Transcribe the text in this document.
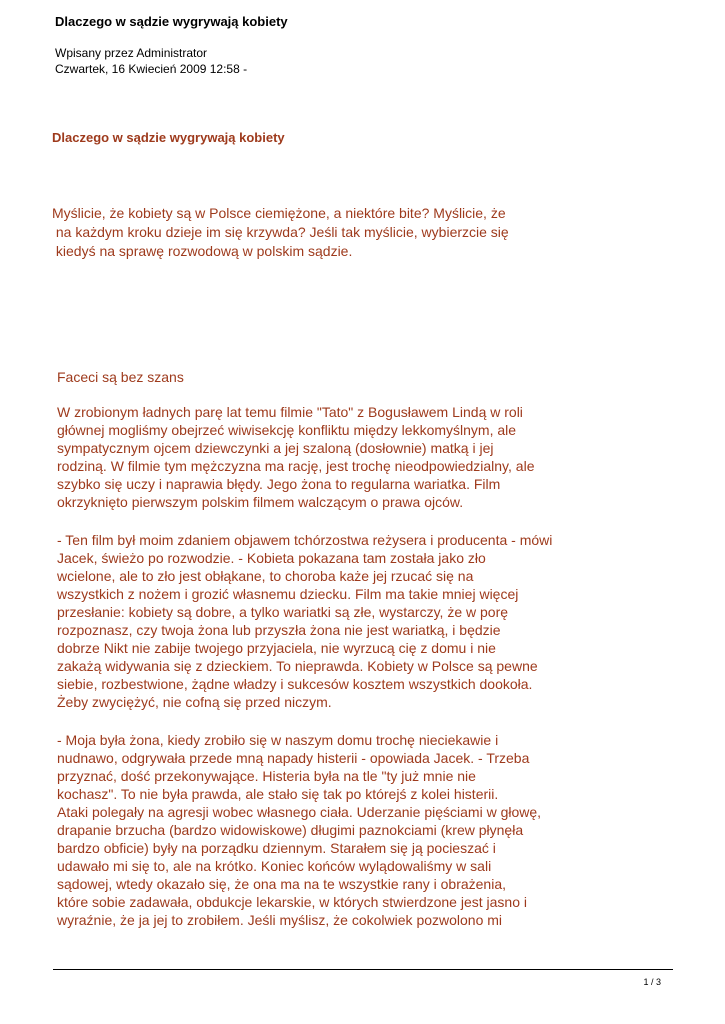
Dlaczego w sądzie wygrywają kobiety
Wpisany przez Administrator
Czwartek, 16 Kwiecień 2009 12:58 -
Dlaczego w sądzie wygrywają kobiety
Myślicie, że kobiety są w Polsce ciemiężone, a niektóre bite? Myślicie, że
na każdym kroku dzieje im się krzywda? Jeśli tak myślicie, wybierzcie się
kiedyś na sprawę rozwodową w polskim sądzie.
Faceci są bez szans
W zrobionym ładnych parę lat temu filmie "Tato" z Bogusławem Lindą w roli
głównej mogliśmy obejrzeć wiwisekcję konfliktu między lekkomyślnym, ale
sympatycznym ojcem dziewczynki a jej szaloną (dosłownie) matką i jej
rodziną. W filmie tym mężczyzna ma rację, jest trochę nieodpowiedzialny, ale
szybko się uczy i naprawia błędy. Jego żona to regularna wariatka. Film
okrzyknięto pierwszym polskim filmem walczącym o prawa ojców.
- Ten film był moim zdaniem objawem tchórzostwa reżysera i producenta - mówi
Jacek, świeżo po rozwodzie. - Kobieta pokazana tam została jako zło
wcielone, ale to zło jest obłąkane, to choroba każe jej rzucać się na
wszystkich z nożem i grozić własnemu dziecku. Film ma takie mniej więcej
przesłanie: kobiety są dobre, a tylko wariatki są złe, wystarczy, że w porę
rozpoznasz, czy twoja żona lub przyszła żona nie jest wariatką, i będzie
dobrze Nikt nie zabije twojego przyjaciela, nie wyrzucą cię z domu i nie
zakażą widywania się z dzieckiem. To nieprawda. Kobiety w Polsce są pewne
siebie, rozbestwione, żądne władzy i sukcesów kosztem wszystkich dookoła.
Żeby zwyciężyć, nie cofną się przed niczym.
- Moja była żona, kiedy zrobiło się w naszym domu trochę nieciekawie i
nudnawo, odgrywała przede mną napady histerii - opowiada Jacek. - Trzeba
przyznać, dość przekonywające. Histeria była na tle "ty już mnie nie
kochasz". To nie była prawda, ale stało się tak po którejś z kolei histerii.
Ataki polegały na agresji wobec własnego ciała. Uderzanie pięściami w głowę,
drapanie brzucha (bardzo widowiskowe) długimi paznokciami (krew płynęła
bardzo obficie) były na porządku dziennym. Starałem się ją pocieszać i
udawało mi się to, ale na krótko. Koniec końców wylądowaliśmy w sali
sądowej, wtedy okazało się, że ona ma na te wszystkie rany i obrażenia,
które sobie zadawała, obdukcje lekarskie, w których stwierdzone jest jasno i
wyraźnie, że ja jej to zrobiłem. Jeśli myślisz, że cokolwiek pozwolono mi
1 / 3
